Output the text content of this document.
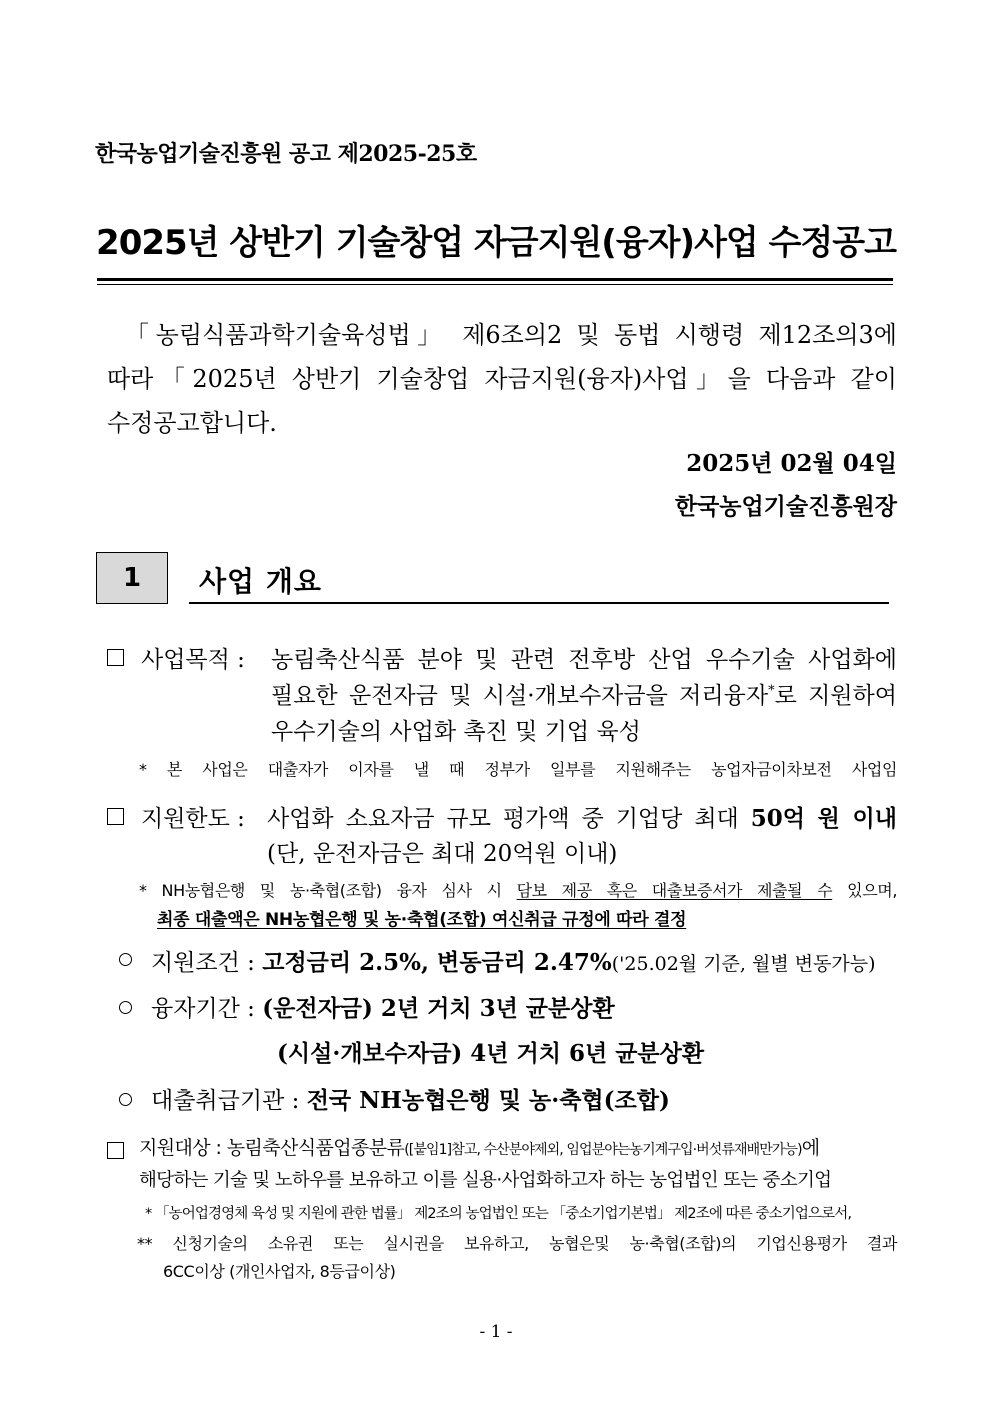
한국농업기술진흥원 공고 제2025-25호
2025년 상반기 기술창업 자금지원(융자)사업 수정공고
「농림식품과학기술육성법」 제6조의2 및 동법 시행령 제12조의3에
따라「2025년 상반기 기술창업 자금지원(융자)사업」을 다음과 같이
수정공고합니다.
2025년 02월 04일
한국농업기술진흥원장
1	사업 개요
사업목적 : 농림축산식품 분야 및 관련 전후방 산업 우수기술 사업화에
필요한 운전자금 및 시설·개보수자금을 저리융자*로 지원하여
우수기술의 사업화 촉진 및 기업 육성
* 본 사업은 대출자가 이자를 낼 때 정부가 일부를 지원해주는 농업자금이차보전 사업임
지원한도 : 사업화 소요자금 규모 평가액 중 기업당 최대 50억 원 이내
(단, 운전자금은 최대 20억원 이내)
* NH농협은행 및 농·축협(조합) 융자 심사 시 담보 제공 혹은 대출보증서가 제출될 수 있으며,
최종 대출액은 NH농협은행 및 농·축협(조합) 여신취급 규정에 따라 결정
지원조건 : 고정금리 2.5%, 변동금리 2.47%('25.02월 기준, 월별 변동가능)
융자기간 : (운전자금) 2년 거치 3년 균분상환
(시설·개보수자금) 4년 거치 6년 균분상환
대출취급기관 : 전국 NH농협은행 및 농·축협(조합)
지원대상 : 농림축산식품업종분류([붙임1]참고, 수산분야제외, 임업분야는농기계구입·버섯류재배만가능)에
해당하는 기술 및 노하우를 보유하고 이를 실용·사업화하고자 하는 농업법인 또는 중소기업
* 「농어업경영체 육성 및 지원에 관한 법률」 제2조의 농업법인 또는 「중소기업기본법」 제2조에 따른 중소기업으로서,
** 신청기술의 소유권 또는 실시권을 보유하고, 농협은및 농·축협(조합)의 기업신용평가 결과
6CC이상 (개인사업자, 8등급이상)
- 1 -
